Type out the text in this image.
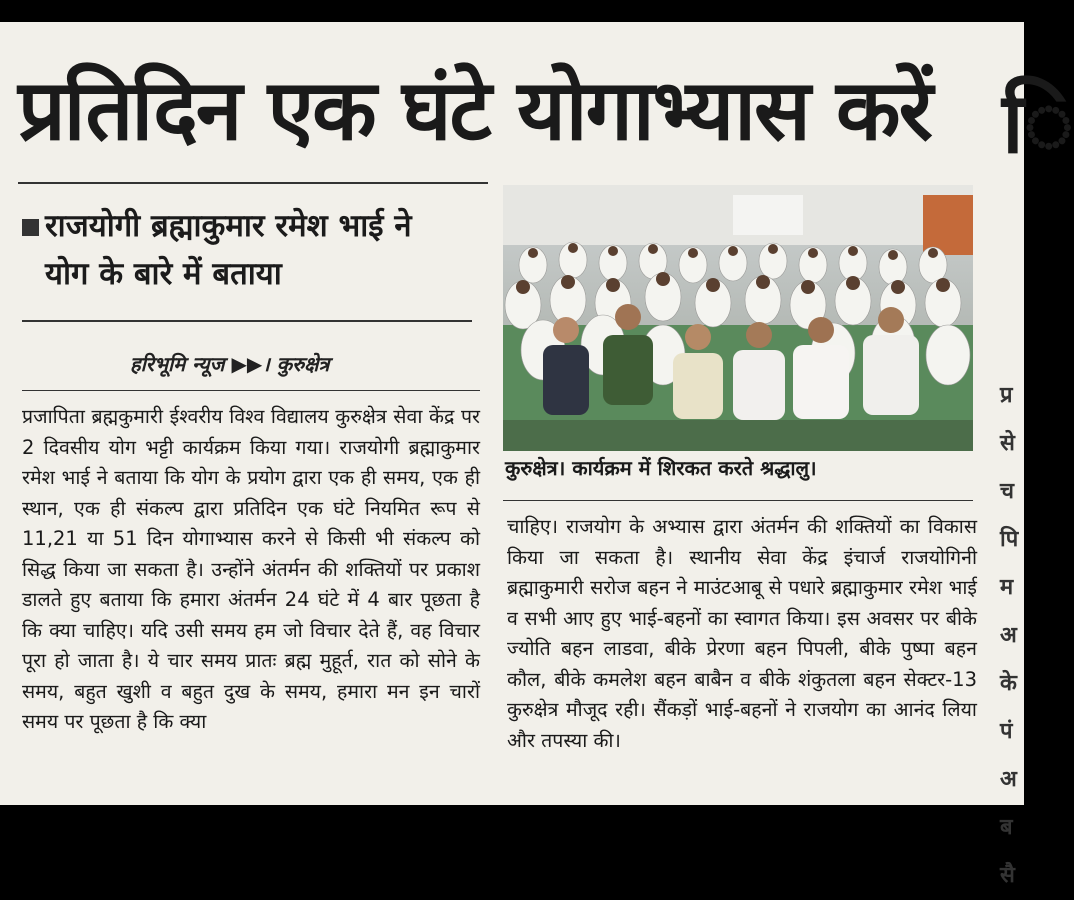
प्रतिदिन एक घंटे योगाभ्यास करें ि
राजयोगी ब्रह्माकुमार रमेश भाई ने
योग के बारे में बताया
हरिभूमि न्यूज ▶▶। कुरुक्षेत्र

प्रजापिता ब्रह्मकुमारी ईश्वरीय विश्व विद्यालय कुरुक्षेत्र सेवा केंद्र पर 2 दिवसीय योग भट्टी कार्यक्रम किया गया। राजयोगी ब्रह्माकुमार रमेश भाई ने बताया कि योग के प्रयोग द्वारा एक ही समय, एक ही स्थान, एक ही संकल्प द्वारा प्रतिदिन एक घंटे नियमित रूप से 11,21 या 51 दिन योगाभ्यास करने से किसी भी संकल्प को सिद्ध किया जा सकता है। उन्होंने अंतर्मन की शक्तियों पर प्रकाश डालते हुए बताया कि हमारा अंतर्मन 24 घंटे में 4 बार पूछता है कि क्या चाहिए। यदि उसी समय हम जो विचार देते हैं, वह विचार पूरा हो जाता है। ये चार समय प्रातः ब्रह्म मुहूर्त, रात को सोने के समय, बहुत खुशी व बहुत दुख के समय, हमारा मन इन चारों समय पर पूछता है कि क्या

कुरुक्षेत्र। कार्यक्रम में शिरकत करते श्रद्धालु।

चाहिए। राजयोग के अभ्यास द्वारा अंतर्मन की शक्तियों का विकास किया जा सकता है। स्थानीय सेवा केंद्र इंचार्ज राजयोगिनी ब्रह्माकुमारी सरोज बहन ने माउंटआबू से पधारे ब्रह्माकुमार रमेश भाई व सभी आए हुए भाई-बहनों का स्वागत किया। इस अवसर पर बीके ज्योति बहन लाडवा, बीके प्रेरणा बहन पिपली, बीके पुष्पा बहन कौल, बीके कमलेश बहन बाबैन व बीके शंकुतला बहन सेक्टर-13 कुरुक्षेत्र मौजूद रही। सैंकड़ों भाई-बहनों ने राजयोग का आनंद लिया और तपस्या की।

प्र
से
च
पि
म
अ
के
पं
अ
ब
सै
